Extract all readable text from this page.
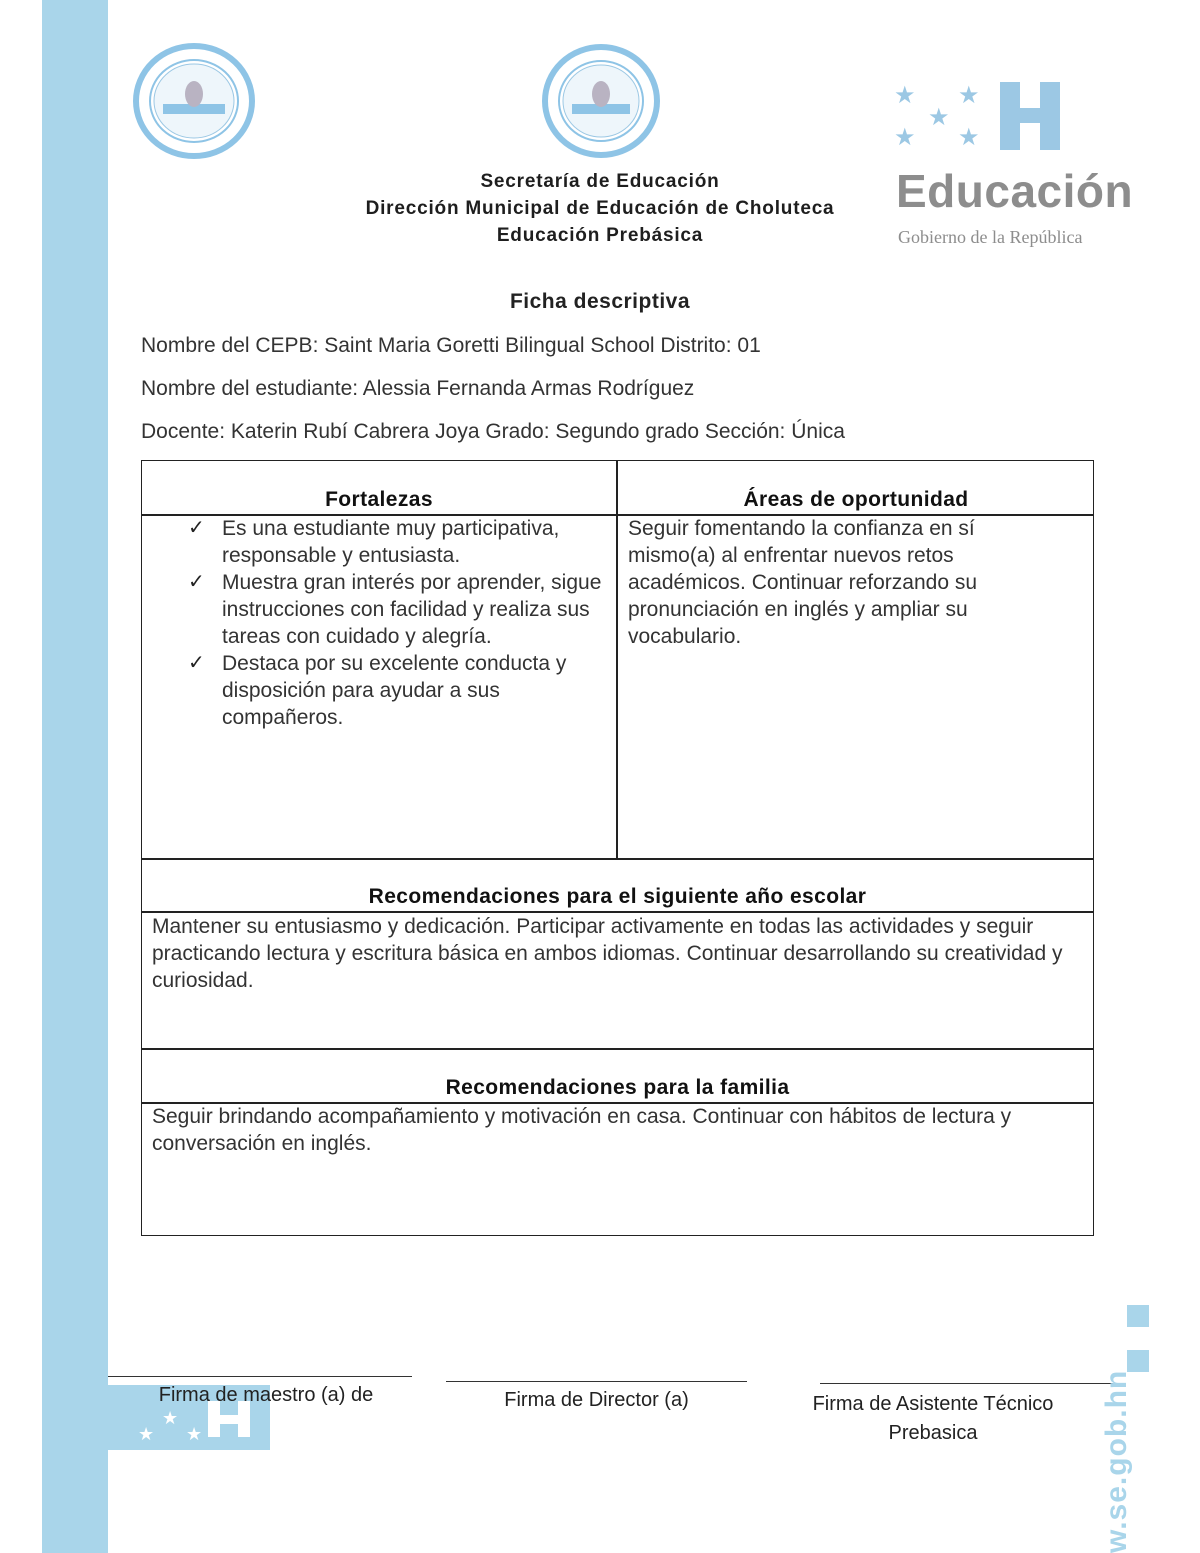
★ ★
★
★ ★
Educación
Gobierno de la República
Secretaría de Educación
Dirección Municipal de Educación de Choluteca
Educación Prebásica
Ficha descriptiva
Nombre del CEPB: Saint Maria Goretti Bilingual School Distrito: 01
Nombre del estudiante: Alessia Fernanda Armas Rodríguez
Docente: Katerin Rubí Cabrera Joya Grado: Segundo grado Sección: Única
Fortalezas	Áreas de oportunidad
✓ Es una estudiante muy participativa, responsable y entusiasta.
✓ Muestra gran interés por aprender, sigue instrucciones con facilidad y realiza sus tareas con cuidado y alegría.
✓ Destaca por su excelente conducta y disposición para ayudar a sus compañeros.
Seguir fomentando la confianza en sí mismo(a) al enfrentar nuevos retos académicos. Continuar reforzando su pronunciación en inglés y ampliar su vocabulario.
Recomendaciones para el siguiente año escolar
Mantener su entusiasmo y dedicación. Participar activamente en todas las actividades y seguir practicando lectura y escritura básica en ambos idiomas. Continuar desarrollando su creatividad y curiosidad.
Recomendaciones para la familia
Seguir brindando acompañamiento y motivación en casa. Continuar con hábitos de lectura y conversación en inglés.
★
★ ★
Firma de maestro (a) de	Firma de Director (a)	Firma de Asistente Técnico
Prebasica	w.se.gob.hn
